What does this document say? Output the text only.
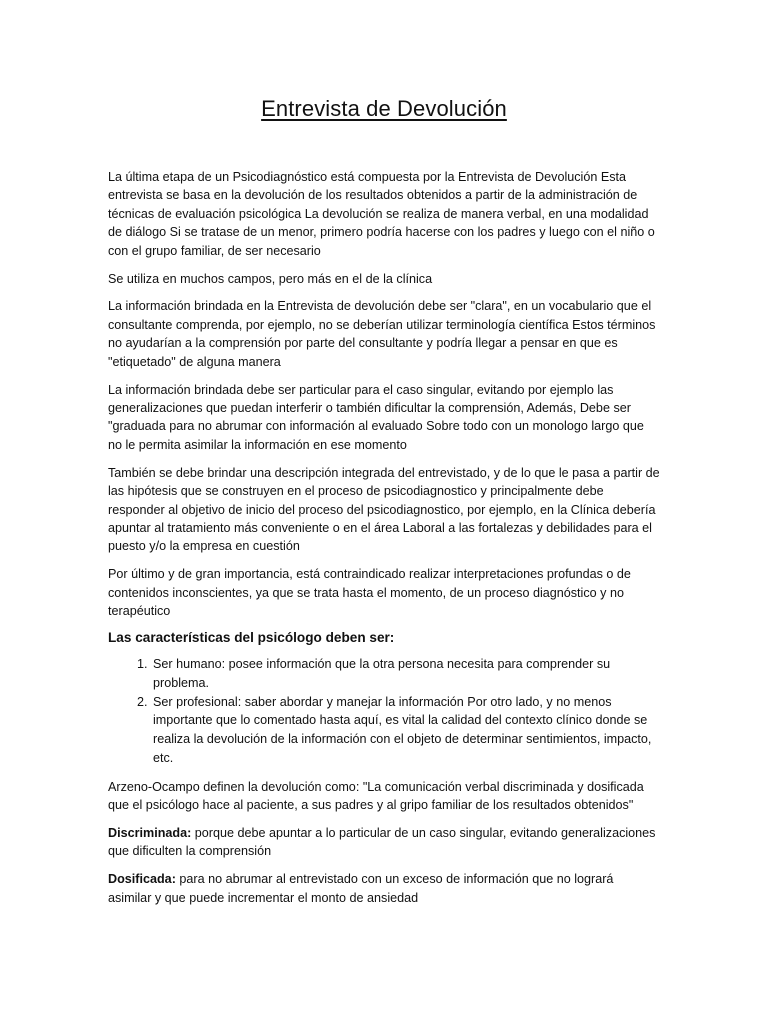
Entrevista de Devolución

La última etapa de un Psicodiagnóstico está compuesta por la Entrevista de Devolución Esta entrevista se basa en la devolución de los resultados obtenidos a partir de la administración de técnicas de evaluación psicológica La devolución se realiza de manera verbal, en una modalidad de diálogo Si se tratase de un menor, primero podría hacerse con los padres y luego con el niño o con el grupo familiar, de ser necesario

Se utiliza en muchos campos, pero más en el de la clínica

La información brindada en la Entrevista de devolución debe ser "clara", en un vocabulario que el consultante comprenda, por ejemplo, no se deberían utilizar terminología científica Estos términos no ayudarían a la comprensión por parte del consultante y podría llegar a pensar en que es "etiquetado" de alguna manera

La información brindada debe ser particular para el caso singular, evitando por ejemplo las generalizaciones que puedan interferir o también dificultar la comprensión, Además, Debe ser "graduada para no abrumar con información al evaluado Sobre todo con un monologo largo que no le permita asimilar la información en ese momento

También se debe brindar una descripción integrada del entrevistado, y de lo que le pasa a partir de las hipótesis que se construyen en el proceso de psicodiagnostico y principalmente debe responder al objetivo de inicio del proceso del psicodiagnostico, por ejemplo, en la Clínica debería apuntar al tratamiento más conveniente o en el área Laboral a las fortalezas y debilidades para el puesto y/o la empresa en cuestión

Por último y de gran importancia, está contraindicado realizar interpretaciones profundas o de contenidos inconscientes, ya que se trata hasta el momento, de un proceso diagnóstico y no terapéutico

Las características del psicólogo deben ser:
1. Ser humano: posee información que la otra persona necesita para comprender su problema.
2. Ser profesional: saber abordar y manejar la información Por otro lado, y no menos importante que lo comentado hasta aquí, es vital la calidad del contexto clínico donde se realiza la devolución de la información con el objeto de determinar sentimientos, impacto, etc.

Arzeno-Ocampo definen la devolución como: "La comunicación verbal discriminada y dosificada que el psicólogo hace al paciente, a sus padres y al gripo familiar de los resultados obtenidos"

Discriminada: porque debe apuntar a lo particular de un caso singular, evitando generalizaciones que dificulten la comprensión

Dosificada: para no abrumar al entrevistado con un exceso de información que no logrará asimilar y que puede incrementar el monto de ansiedad
